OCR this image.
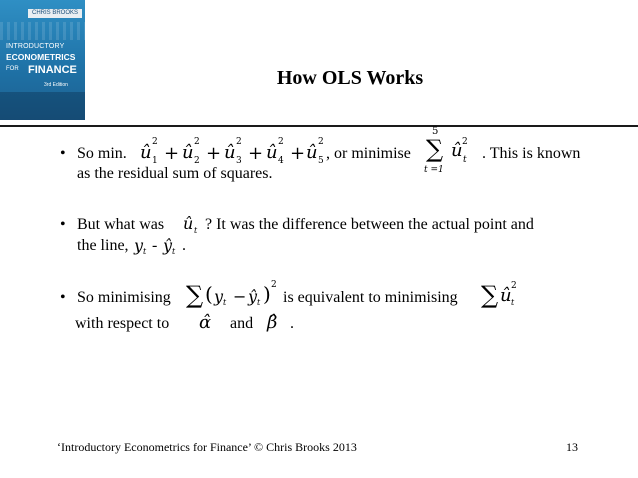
CHRIS BROOKS
INTRODUCTORY
ECONOMETRICS
FOR FINANCE
3rd Edition	How OLS Works
• So min. û 1
2
+ û 2
2
+ û 3
2
+ û 4
2
+ û 5
2
, or minimise
5
∑
t =1
û t
2
. This is known
as the residual sum of squares.
• But what was û t ? It was the difference between the actual point and
the line, y t - ŷ t .
• So minimising ∑ ( y t − ŷ t ) 2
is equivalent to minimising ∑ û t
2
with respect to α̂ and β̂ .
‘Introductory Econometrics for Finance’ © Chris Brooks 2013	13
